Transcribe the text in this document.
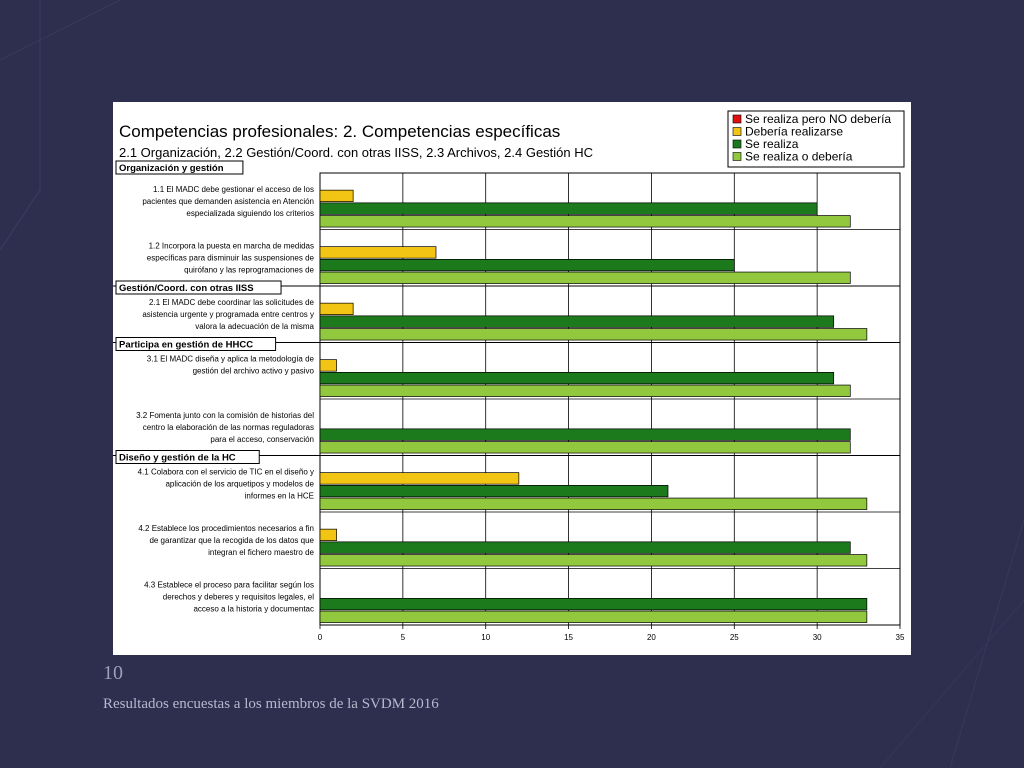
Competencias profesionales: 2. Competencias específicas
2.1 Organización, 2.2 Gestión/Coord. con otras IISS, 2.3 Archivos, 2.4 Gestión HC
Se realiza pero NO debería
Debería realizarse
Se realiza
Se realiza o debería
0	5	10	15	20	25	30	35
Organización y gestión
Gestión/Coord. con otras IISS
Participa en gestión de HHCC
Diseño y gestión de la HC
1.1 El MADC debe gestionar el acceso de los
pacientes que demanden asistencia en Atención
especializada siguiendo los criterios
1.2 Incorpora la puesta en marcha de medidas
específicas para disminuir las suspensiones de
quirófano y las reprogramaciones de
2.1 El MADC debe coordinar las solicitudes de
asistencia urgente y programada entre centros y
valora la adecuación de la misma
3.1 El MADC diseña y aplica la metodología de
gestión del archivo activo y pasivo
3.2 Fomenta junto con la comisión de historias del
centro la elaboración de las normas reguladoras
para el acceso, conservación
4.1 Colabora con el servicio de TIC en el diseño y
aplicación de los arquetipos y modelos de
informes en la HCE
4.2 Establece los procedimientos necesarios a fin
de garantizar que la recogida de los datos que
integran el fichero maestro de
4.3 Establece el proceso para facilitar según los
derechos y deberes y requisitos legales, el
acceso a la historia y documentac
10
Resultados encuestas a los miembros de la SVDM 2016
